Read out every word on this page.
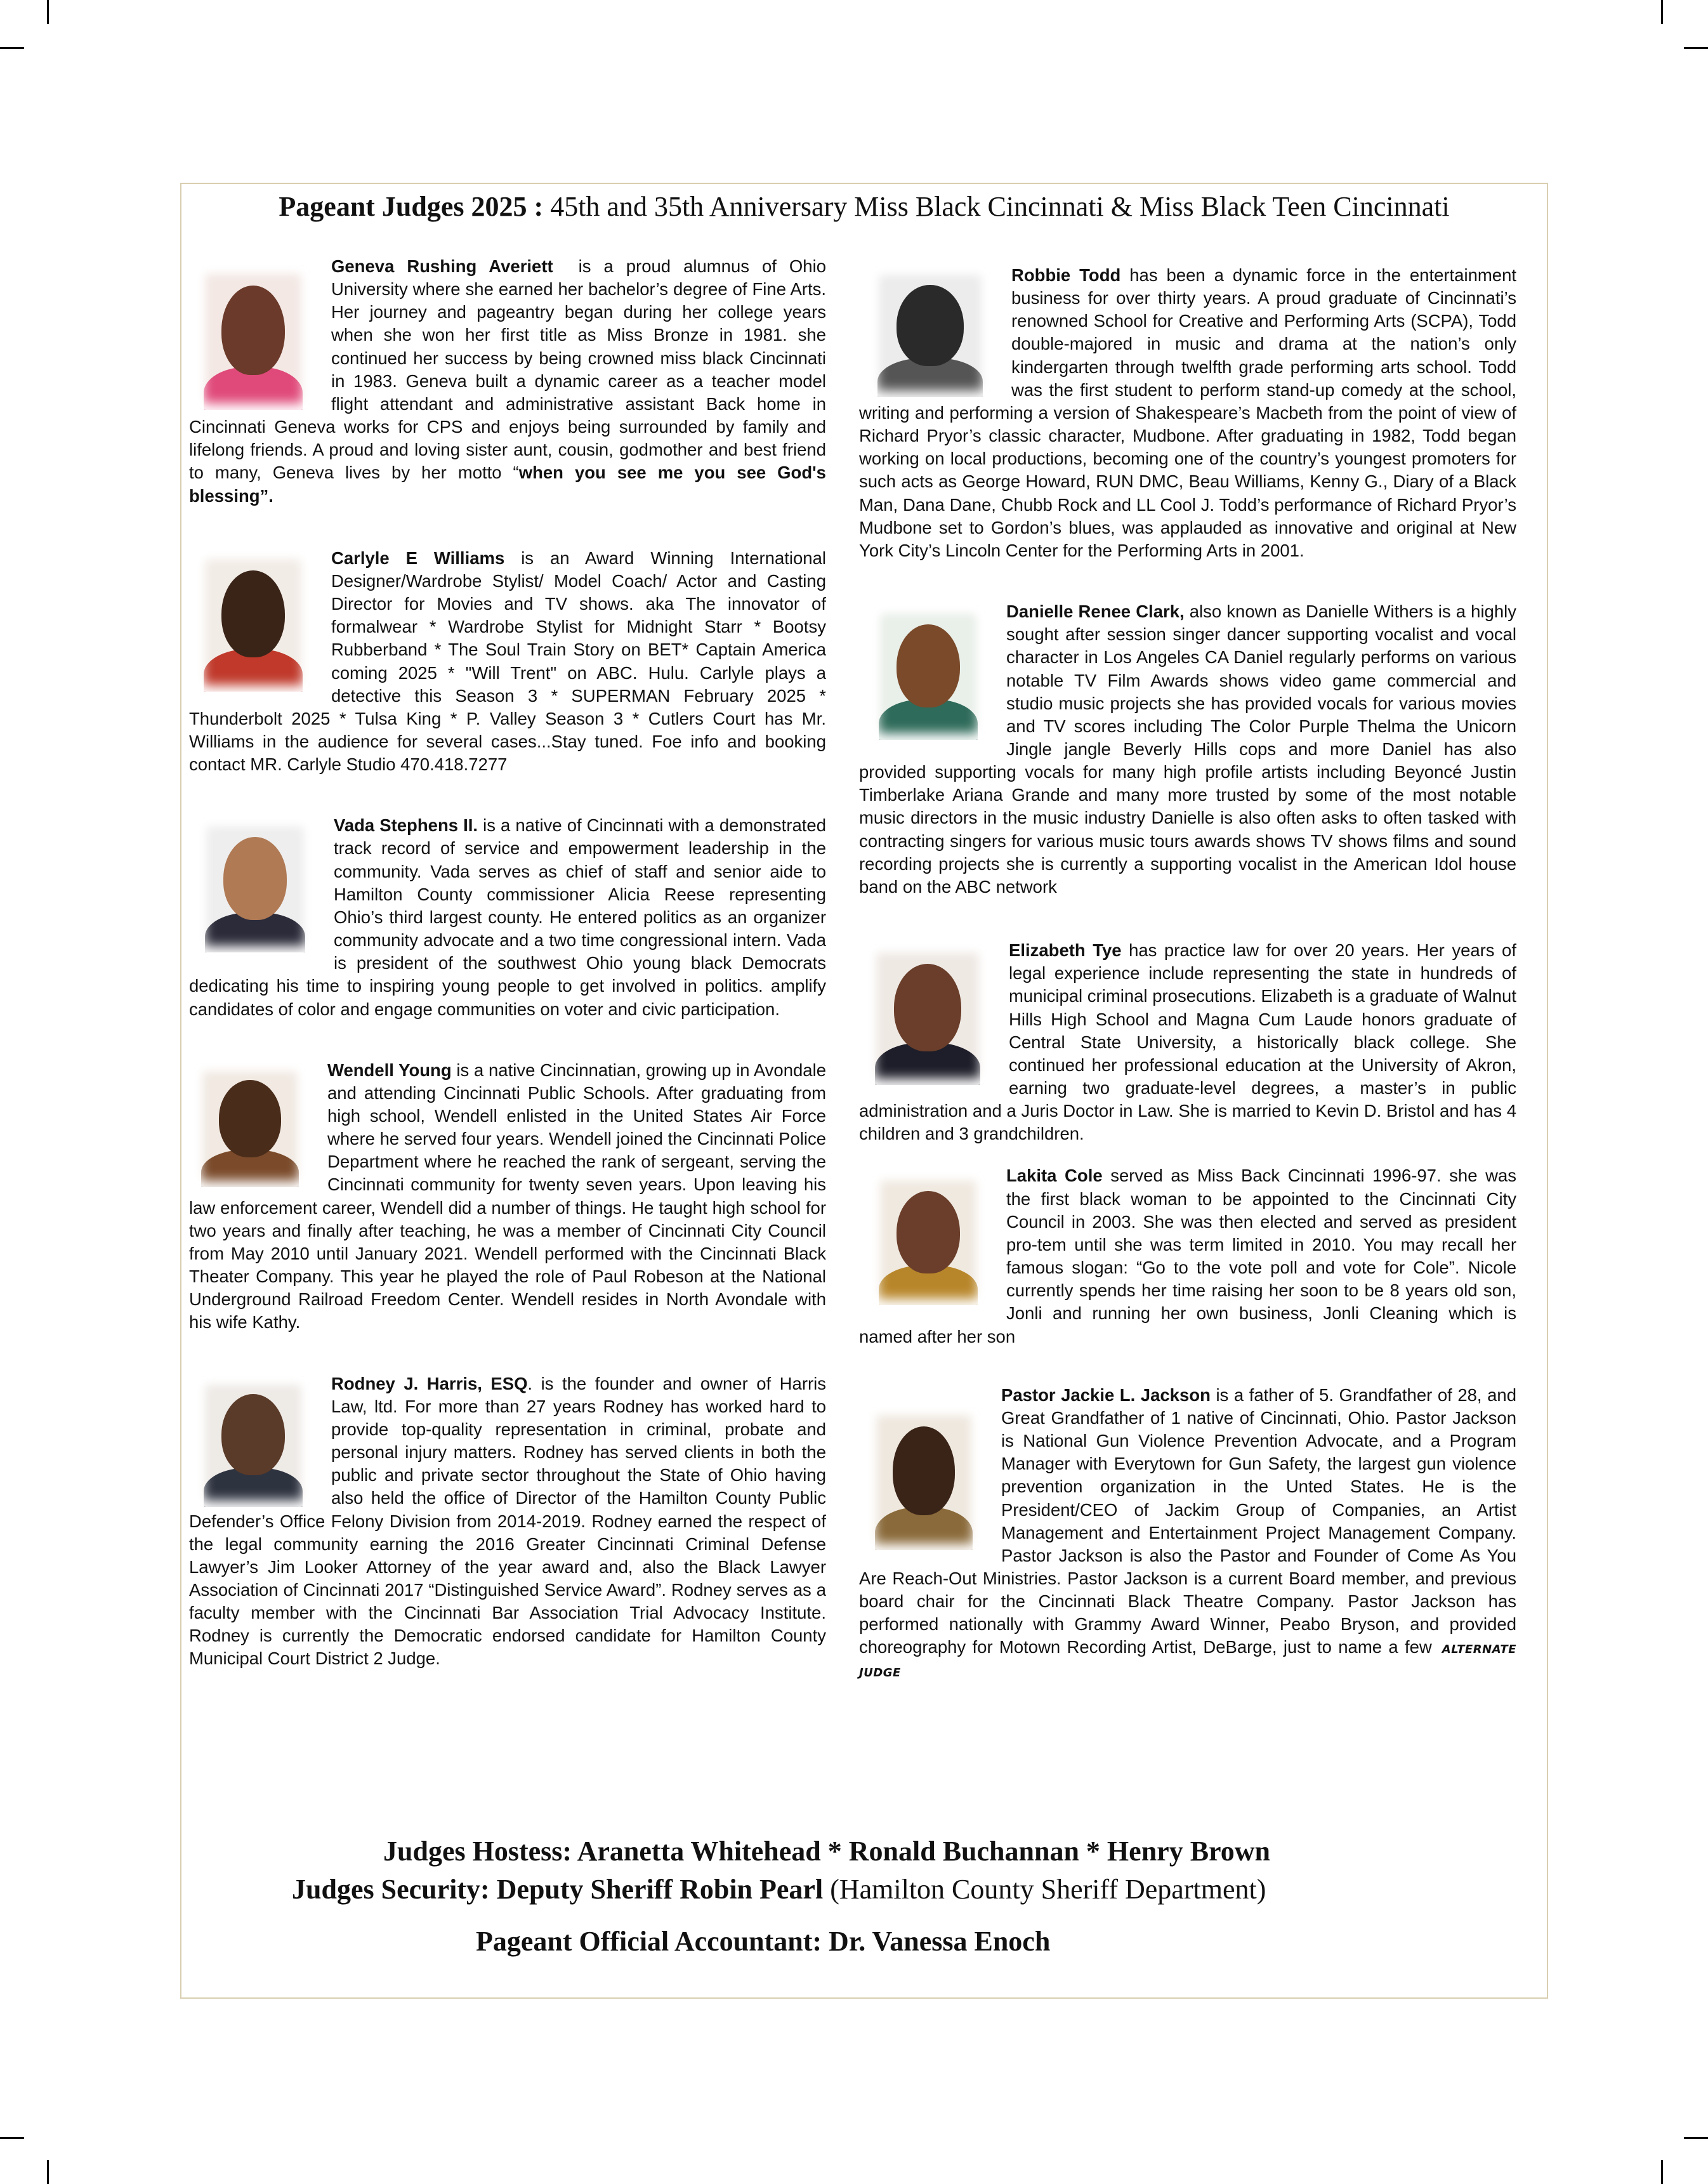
Pageant Judges 2025 : 45th and 35th Anniversary Miss Black Cincinnati & Miss Black Teen Cincinnati
Geneva Rushing Averiett is a proud alumnus of Ohio University where she earned her bachelor’s degree of Fine Arts. Her journey and pageantry began during her college years when she won her first title as Miss Bronze in 1981. she continued her success by being crowned miss black Cincinnati in 1983. Geneva built a dynamic career as a teacher model flight attendant and administrative assistant Back home in Cincinnati Geneva works for CPS and enjoys being surrounded by family and lifelong friends. A proud and loving sister aunt, cousin, godmother and best friend to many, Geneva lives by her motto “when you see me you see God's blessing”.
Carlyle E Williams is an Award Winning International Designer/Wardrobe Stylist/ Model Coach/ Actor and Casting Director for Movies and TV shows. aka The innovator of formalwear * Wardrobe Stylist for Midnight Starr * Bootsy Rubberband * The Soul Train Story on BET* Captain America coming 2025 * "Will Trent" on ABC. Hulu. Carlyle plays a detective this Season 3 * SUPERMAN February 2025 * Thunderbolt 2025 * Tulsa King * P. Valley Season 3 * Cutlers Court has Mr. Williams in the audience for several cases...Stay tuned. Foe info and booking contact MR. Carlyle Studio 470.418.7277
Vada Stephens II. is a native of Cincinnati with a demonstrated track record of service and empowerment leadership in the community. Vada serves as chief of staff and senior aide to Hamilton County commissioner Alicia Reese representing Ohio’s third largest county. He entered politics as an organizer community advocate and a two time congressional intern. Vada is president of the southwest Ohio young black Democrats dedicating his time to inspiring young people to get involved in politics. amplify candidates of color and engage communities on voter and civic participation.
Wendell Young is a native Cincinnatian, growing up in Avondale and attending Cincinnati Public Schools. After graduating from high school, Wendell enlisted in the United States Air Force where he served four years. Wendell joined the Cincinnati Police Department where he reached the rank of sergeant, serving the Cincinnati community for twenty seven years. Upon leaving his law enforcement career, Wendell did a number of things. He taught high school for two years and finally after teaching, he was a member of Cincinnati City Council from May 2010 until January 2021. Wendell performed with the Cincinnati Black Theater Company. This year he played the role of Paul Robeson at the National Underground Railroad Freedom Center. Wendell resides in North Avondale with his wife Kathy.
Rodney J. Harris, ESQ. is the founder and owner of Harris Law, ltd. For more than 27 years Rodney has worked hard to provide top-quality representation in criminal, probate and personal injury matters. Rodney has served clients in both the public and private sector throughout the State of Ohio having also held the office of Director of the Hamilton County Public Defender’s Office Felony Division from 2014-2019. Rodney earned the respect of the legal community earning the 2016 Greater Cincinnati Criminal Defense Lawyer’s Jim Looker Attorney of the year award and, also the Black Lawyer Association of Cincinnati 2017 “Distinguished Service Award”. Rodney serves as a faculty member with the Cincinnati Bar Association Trial Advocacy Institute. Rodney is currently the Democratic endorsed candidate for Hamilton County Municipal Court District 2 Judge.
Robbie Todd has been a dynamic force in the entertainment business for over thirty years. A proud graduate of Cincinnati’s renowned School for Creative and Performing Arts (SCPA), Todd double-majored in music and drama at the nation’s only kindergarten through twelfth grade performing arts school. Todd was the first student to perform stand-up comedy at the school, writing and performing a version of Shakespeare’s Macbeth from the point of view of Richard Pryor’s classic character, Mudbone. After graduating in 1982, Todd began working on local productions, becoming one of the country’s youngest promoters for such acts as George Howard, RUN DMC, Beau Williams, Kenny G., Diary of a Black Man, Dana Dane, Chubb Rock and LL Cool J. Todd’s performance of Richard Pryor’s Mudbone set to Gordon’s blues, was applauded as innovative and original at New York City’s Lincoln Center for the Performing Arts in 2001.
Danielle Renee Clark, also known as Danielle Withers is a highly sought after session singer dancer supporting vocalist and vocal character in Los Angeles CA Daniel regularly performs on various notable TV Film Awards shows video game commercial and studio music projects she has provided vocals for various movies and TV scores including The Color Purple Thelma the Unicorn Jingle jangle Beverly Hills cops and more Daniel has also provided supporting vocals for many high profile artists including Beyoncé Justin Timberlake Ariana Grande and many more trusted by some of the most notable music directors in the music industry Danielle is also often asks to often tasked with contracting singers for various music tours awards shows TV shows films and sound recording projects she is currently a supporting vocalist in the American Idol house band on the ABC network
Elizabeth Tye has practice law for over 20 years. Her years of legal experience include representing the state in hundreds of municipal criminal prosecutions. Elizabeth is a graduate of Walnut Hills High School and Magna Cum Laude honors graduate of Central State University, a historically black college. She continued her professional education at the University of Akron, earning two graduate-level degrees, a master’s in public administration and a Juris Doctor in Law. She is married to Kevin D. Bristol and has 4 children and 3 grandchildren.
Lakita Cole served as Miss Back Cincinnati 1996-97. she was the first black woman to be appointed to the Cincinnati City Council in 2003. She was then elected and served as president pro-tem until she was term limited in 2010. You may recall her famous slogan: “Go to the vote poll and vote for Cole”. Nicole currently spends her time raising her soon to be 8 years old son, Jonli and running her own business, Jonli Cleaning which is named after her son
Pastor Jackie L. Jackson is a father of 5. Grandfather of 28, and Great Grandfather of 1 native of Cincinnati, Ohio. Pastor Jackson is National Gun Violence Prevention Advocate, and a Program Manager with Everytown for Gun Safety, the largest gun violence prevention organization in the Unted States. He is the President/CEO of Jackim Group of Companies, an Artist Management and Entertainment Project Management Company. Pastor Jackson is also the Pastor and Founder of Come As You Are Reach-Out Ministries. Pastor Jackson is a current Board member, and previous board chair for the Cincinnati Black Theatre Company. Pastor Jackson has performed nationally with Grammy Award Winner, Peabo Bryson, and provided choreography for Motown Recording Artist, DeBarge, just to name a few ALTERNATE JUDGE
Judges Hostess: Aranetta Whitehead * Ronald Buchannan * Henry Brown
Judges Security: Deputy Sheriff Robin Pearl (Hamilton County Sheriff Department)
Pageant Official Accountant: Dr. Vanessa Enoch
